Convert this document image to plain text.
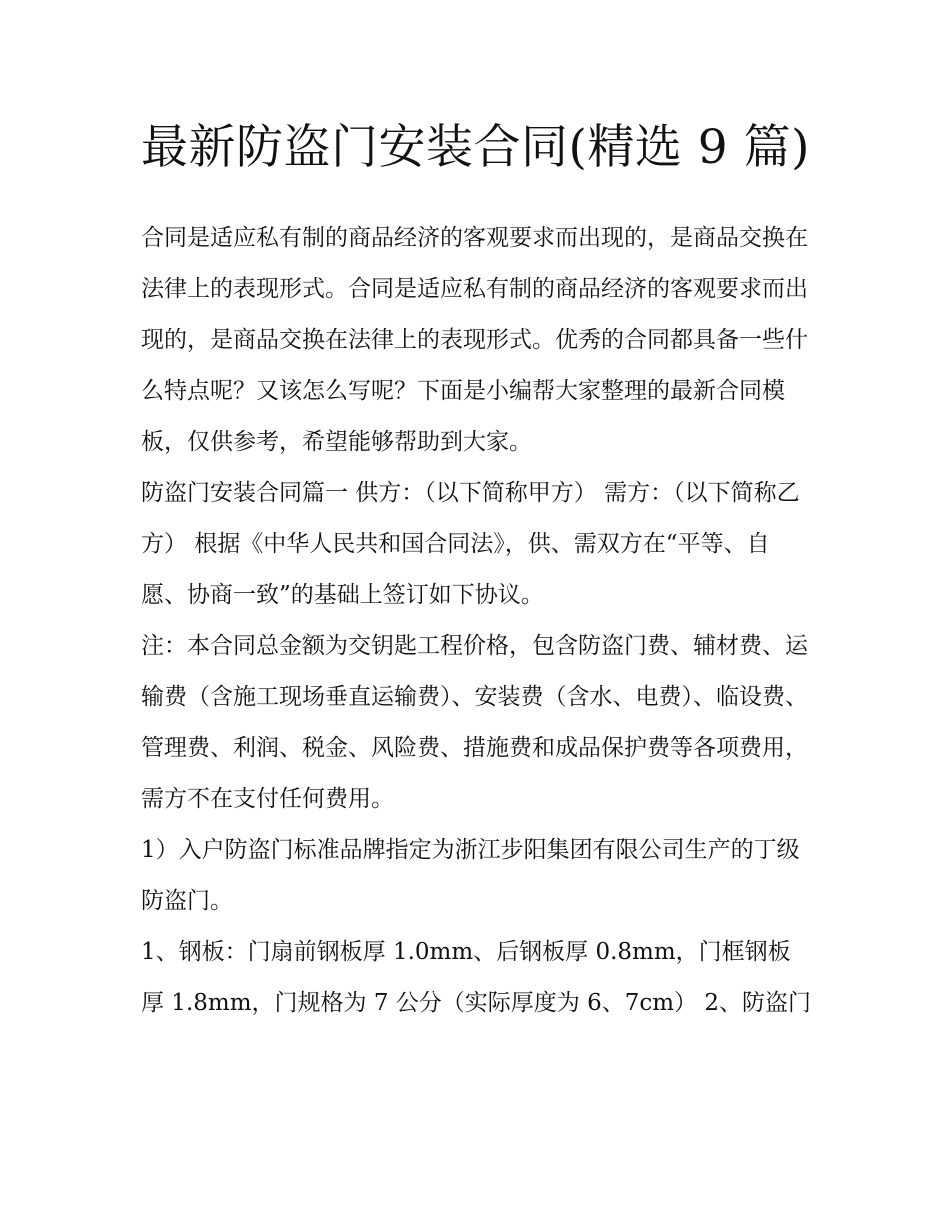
最新防盗门安装合同(精选 9 篇)

合同是适应私有制的商品经济的客观要求而出现的，是商品交换在法律上的表现形式。合同是适应私有制的商品经济的客观要求而出现的，是商品交换在法律上的表现形式。优秀的合同都具备一些什么特点呢？又该怎么写呢？下面是小编帮大家整理的最新合同模板，仅供参考，希望能够帮助到大家。

防盗门安装合同篇一 供方：（以下简称甲方） 需方：（以下简称乙方） 根据《中华人民共和国合同法》，供、需双方在“平等、自愿、协商一致”的基础上签订如下协议。

注：本合同总金额为交钥匙工程价格，包含防盗门费、辅材费、运输费（含施工现场垂直运输费）、安装费（含水、电费）、临设费、管理费、利润、税金、风险费、措施费和成品保护费等各项费用，需方不在支付任何费用。

1）入户防盗门标准品牌指定为浙江步阳集团有限公司生产的丁级防盗门。

1、钢板：门扇前钢板厚 1.0mm、后钢板厚 0.8mm，门框钢板厚 1.8mm，门规格为 7 公分（实际厚度为 6、7cm） 2、防盗门
